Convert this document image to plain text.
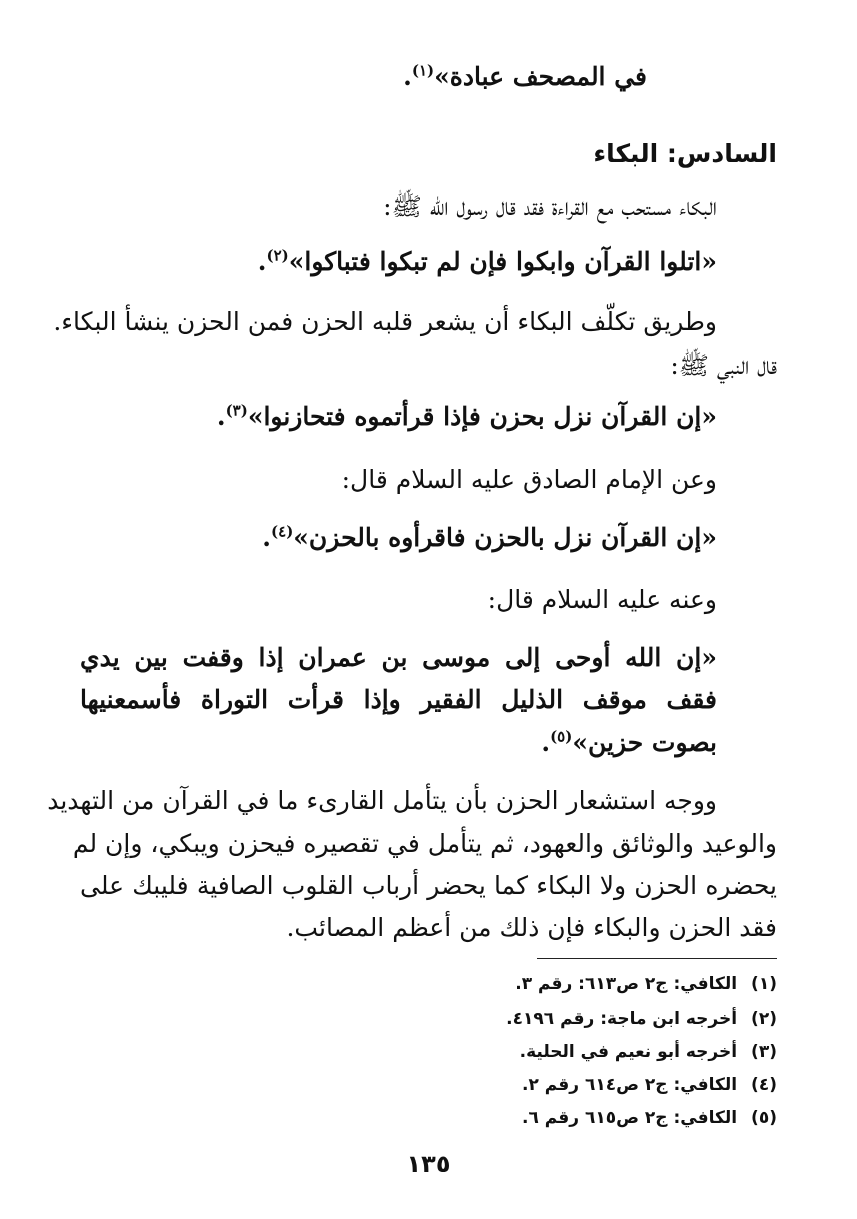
في المصحف عبادة»$^{(١)}$.
السادس: البكاء
البكاء مستحب مع القراءة فقد قال رسول الله ﷺ:
«اتلوا القرآن وابكوا فإن لم تبكوا فتباكوا»$^{(٢)}$.
وطريق تكلّف البكاء أن يشعر قلبه الحزن فمن الحزن ينشأ البكاء.
قال النبي ﷺ:
«إن القرآن نزل بحزن فإذا قرأتموه فتحازنوا»$^{(٣)}$.
وعن الإمام الصادق عليه السلام قال:
«إن القرآن نزل بالحزن فاقرأوه بالحزن»$^{(٤)}$.
وعنه عليه السلام قال:
«إن الله أوحى إلى موسى بن عمران إذا وقفت بين يدي
فقف موقف الذليل الفقير وإذا قرأت التوراة فأسمعنيها
بصوت حزين»$^{(٥)}$.
ووجه استشعار الحزن بأن يتأمل القارىء ما في القرآن من التهديد
والوعيد والوثائق والعهود، ثم يتأمل في تقصيره فيحزن ويبكي، وإن لم
يحضره الحزن ولا البكاء كما يحضر أرباب القلوب الصافية فليبك على
فقد الحزن والبكاء فإن ذلك من أعظم المصائب.
(١) الكافي: ج٢ ص٦١٣: رقم ٣.
(٢) أخرجه ابن ماجة: رقم ٤١٩٦.
(٣) أخرجه أبو نعيم في الحلية.
(٤) الكافي: ج٢ ص٦١٤ رقم ٢.
(٥) الكافي: ج٢ ص٦١٥ رقم ٦.
١٣٥
